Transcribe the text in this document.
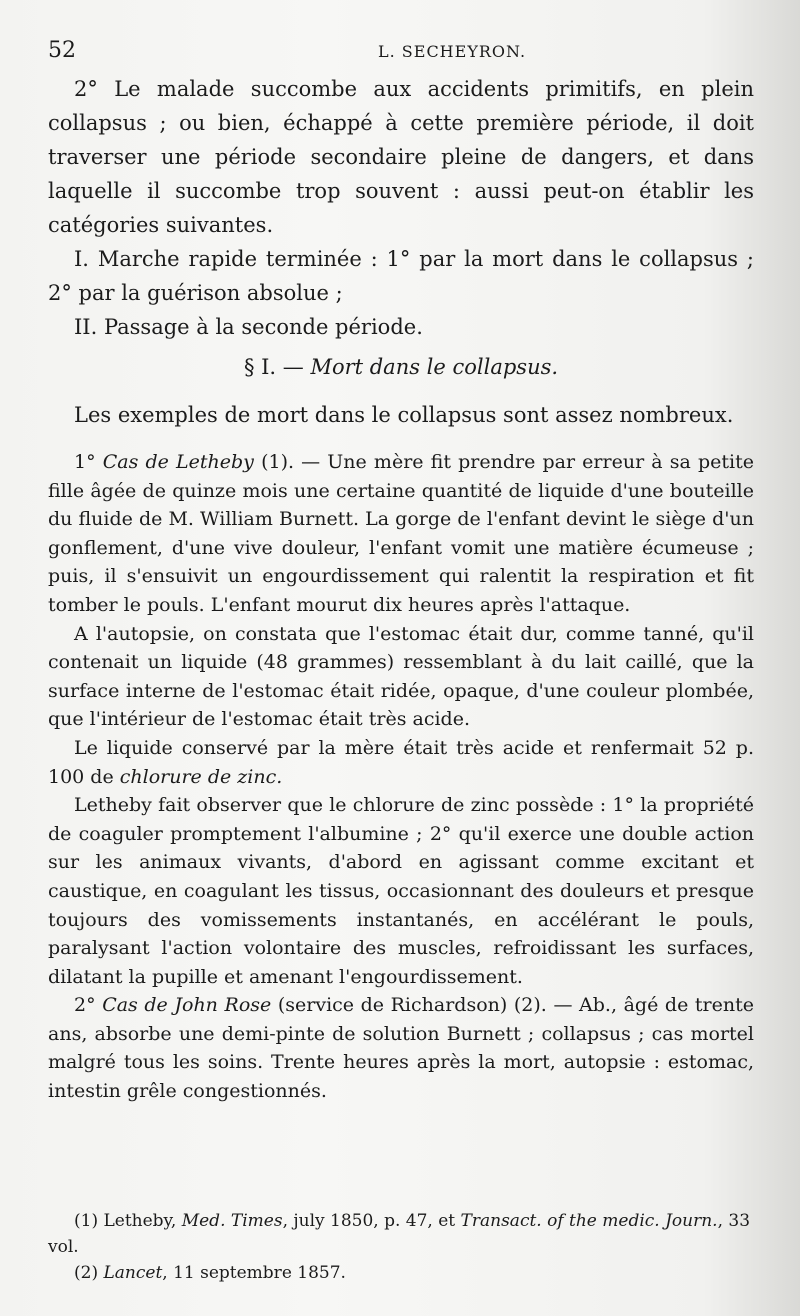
52	L. SECHEYRON.

2° Le malade succombe aux accidents primitifs, en plein collapsus ; ou bien, échappé à cette première période, il doit traverser une période secondaire pleine de dangers, et dans laquelle il succombe trop souvent : aussi peut-on établir les catégories suivantes.

I. Marche rapide terminée : 1° par la mort dans le collapsus ; 2° par la guérison absolue ;

II. Passage à la seconde période.

§ I. — Mort dans le collapsus.

Les exemples de mort dans le collapsus sont assez nombreux.

1° Cas de Letheby (1). — Une mère fit prendre par erreur à sa petite fille âgée de quinze mois une certaine quantité de liquide d'une bouteille du fluide de M. William Burnett. La gorge de l'enfant devint le siège d'un gonflement, d'une vive douleur, l'enfant vomit une matière écumeuse ; puis, il s'ensuivit un engourdissement qui ralentit la respiration et fit tomber le pouls. L'enfant mourut dix heures après l'attaque.

A l'autopsie, on constata que l'estomac était dur, comme tanné, qu'il contenait un liquide (48 grammes) ressemblant à du lait caillé, que la surface interne de l'estomac était ridée, opaque, d'une couleur plombée, que l'intérieur de l'estomac était très acide.

Le liquide conservé par la mère était très acide et renfermait 52 p. 100 de chlorure de zinc.

Letheby fait observer que le chlorure de zinc possède : 1° la propriété de coaguler promptement l'albumine ; 2° qu'il exerce une double action sur les animaux vivants, d'abord en agissant comme excitant et caustique, en coagulant les tissus, occasionnant des douleurs et presque toujours des vomissements instantanés, en accélérant le pouls, paralysant l'action volontaire des muscles, refroidissant les surfaces, dilatant la pupille et amenant l'engourdissement.

2° Cas de John Rose (service de Richardson) (2). — Ab., âgé de trente ans, absorbe une demi-pinte de solution Burnett ; collapsus ; cas mortel malgré tous les soins. Trente heures après la mort, autopsie : estomac, intestin grêle congestionnés.

(1) Letheby, Med. Times, july 1850, p. 47, et Transact. of the medic. Journ., 33 vol.

(2) Lancet, 11 septembre 1857.
